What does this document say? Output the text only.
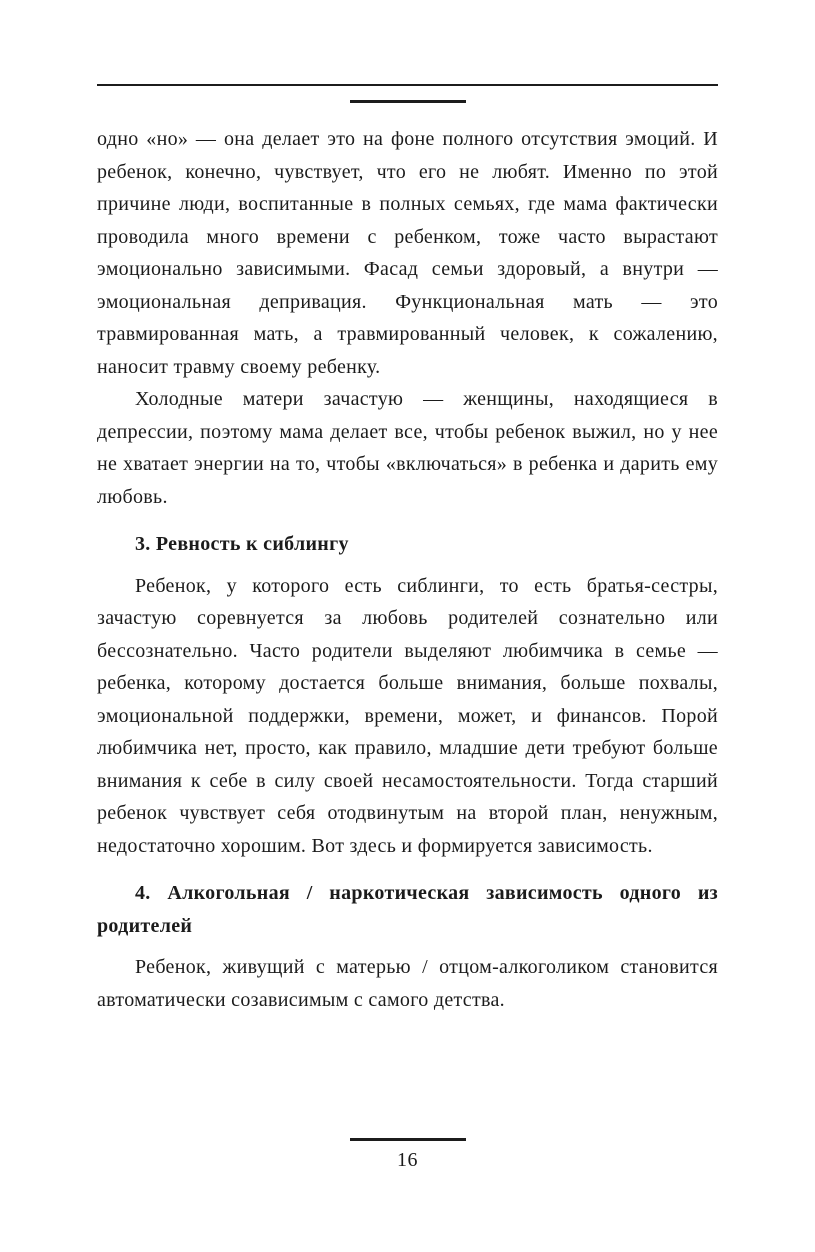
одно «но» — она делает это на фоне полного отсутствия эмоций. И ребенок, конечно, чувствует, что его не любят. Именно по этой причине люди, воспитанные в полных семьях, где мама фактически проводила много времени с ребенком, тоже часто вырастают эмоционально зависимыми. Фасад семьи здоровый, а внутри — эмоциональная депривация. Функциональная мать — это травмированная мать, а травмированный человек, к сожалению, наносит травму своему ребенку.

Холодные матери зачастую — женщины, находящиеся в депрессии, поэтому мама делает все, чтобы ребенок выжил, но у нее не хватает энергии на то, чтобы «включаться» в ребенка и дарить ему любовь.

3. Ревность к сиблингу

Ребенок, у которого есть сиблинги, то есть братья-сестры, зачастую соревнуется за любовь родителей сознательно или бессознательно. Часто родители выделяют любимчика в семье — ребенка, которому достается больше внимания, больше похвалы, эмоциональной поддержки, времени, может, и финансов. Порой любимчика нет, просто, как правило, младшие дети требуют больше внимания к себе в силу своей несамостоятельности. Тогда старший ребенок чувствует себя отодвинутым на второй план, ненужным, недостаточно хорошим. Вот здесь и формируется зависимость.

4. Алкогольная / наркотическая зависимость одного из родителей

Ребенок, живущий с матерью / отцом-алкоголиком становится автоматически созависимым с самого детства.

16
